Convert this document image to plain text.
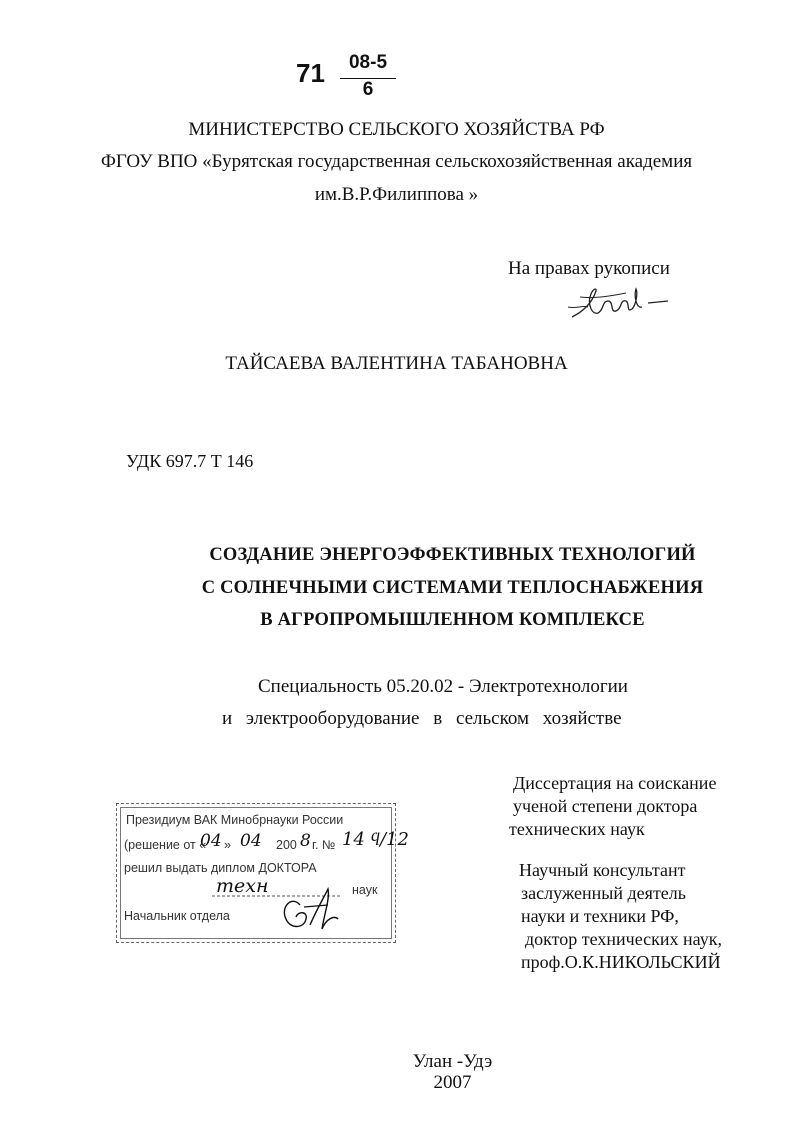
71	08-5
6
МИНИСТЕРСТВО СЕЛЬСКОГО ХОЗЯЙСТВА РФ
ФГОУ ВПО «Бурятская государственная сельскохозяйственная академия
им.В.Р.Филиппова »
На правах рукописи
ТАЙСАЕВА ВАЛЕНТИНА ТАБАНОВНА
УДК 697.7 Т 146
СОЗДАНИЕ ЭНЕРГОЭФФЕКТИВНЫХ ТЕХНОЛОГИЙ
С СОЛНЕЧНЫМИ СИСТЕМАМИ ТЕПЛОСНАБЖЕНИЯ
В АГРОПРОМЫШЛЕННОМ КОМПЛЕКСЕ
Специальность 05.20.02 - Электротехнологии
и электрооборудование в сельском хозяйстве
Диссертация на соискание
ученой степени доктора
технических наук
Научный консультант
заслуженный деятель
науки и техники РФ,
доктор технических наук,
проф.О.К.НИКОЛЬСКИЙ
Президиум ВАК Минобрнауки России
(решение от «
04 » 04 200 8 г. № 14 ϥ/12
решил выдать диплом ДОКТОРА
техн	наук
Начальник отдела
Улан -Удэ
2007
